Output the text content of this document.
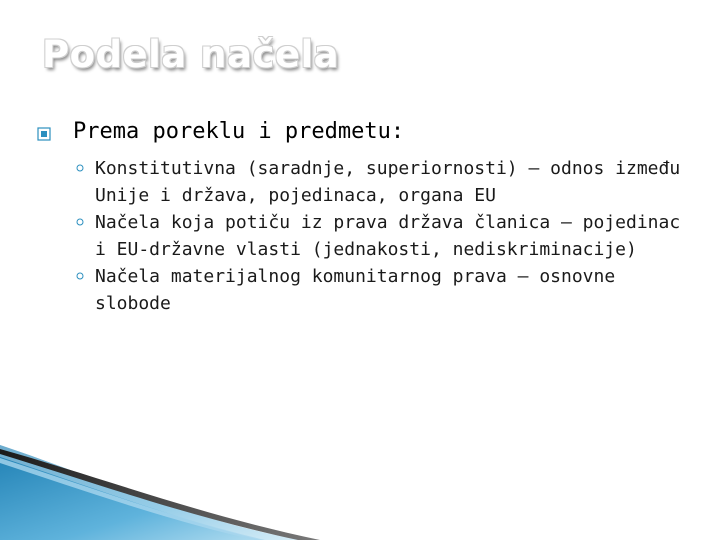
Podela načela
Prema poreklu i predmetu:
Konstitutivna (saradnje, superiornosti) – odnos između Unije i država, pojedinaca, organa EU
Načela koja potiču iz prava država članica – pojedinac i EU-državne vlasti (jednakosti, nediskriminacije)
Načela materijalnog komunitarnog prava – osnovne slobode
